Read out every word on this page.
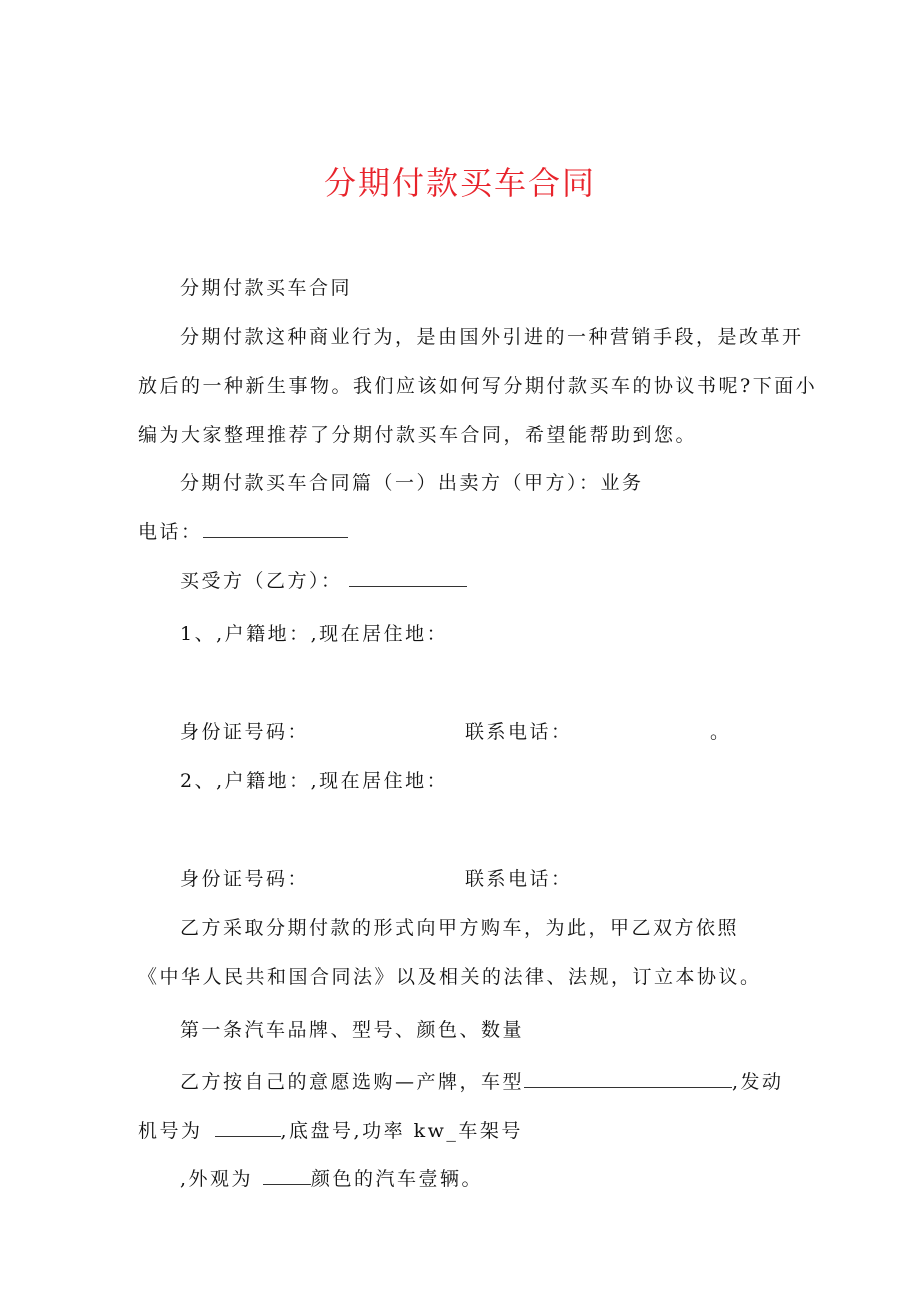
分期付款买车合同
分期付款买车合同
分期付款这种商业行为，是由国外引进的一种营销手段，是改革开
放后的一种新生事物。我们应该如何写分期付款买车的协议书呢?下面小
编为大家整理推荐了分期付款买车合同，希望能帮助到您。
分期付款买车合同篇（一）出卖方（甲方）：业务
电话：
买受方（乙方）：
1、,户籍地：,现在居住地：
身份证号码：	联系电话：	。
2、,户籍地：,现在居住地：
身份证号码：	联系电话：
乙方采取分期付款的形式向甲方购车，为此，甲乙双方依照
《中华人民共和国合同法》以及相关的法律、法规，订立本协议。
第一条汽车品牌、型号、颜色、数量
乙方按自己的意愿选购—产牌，车型	,发动
机号为	,底盘号,功率 kw_车架号
,外观为	颜色的汽车壹辆。
